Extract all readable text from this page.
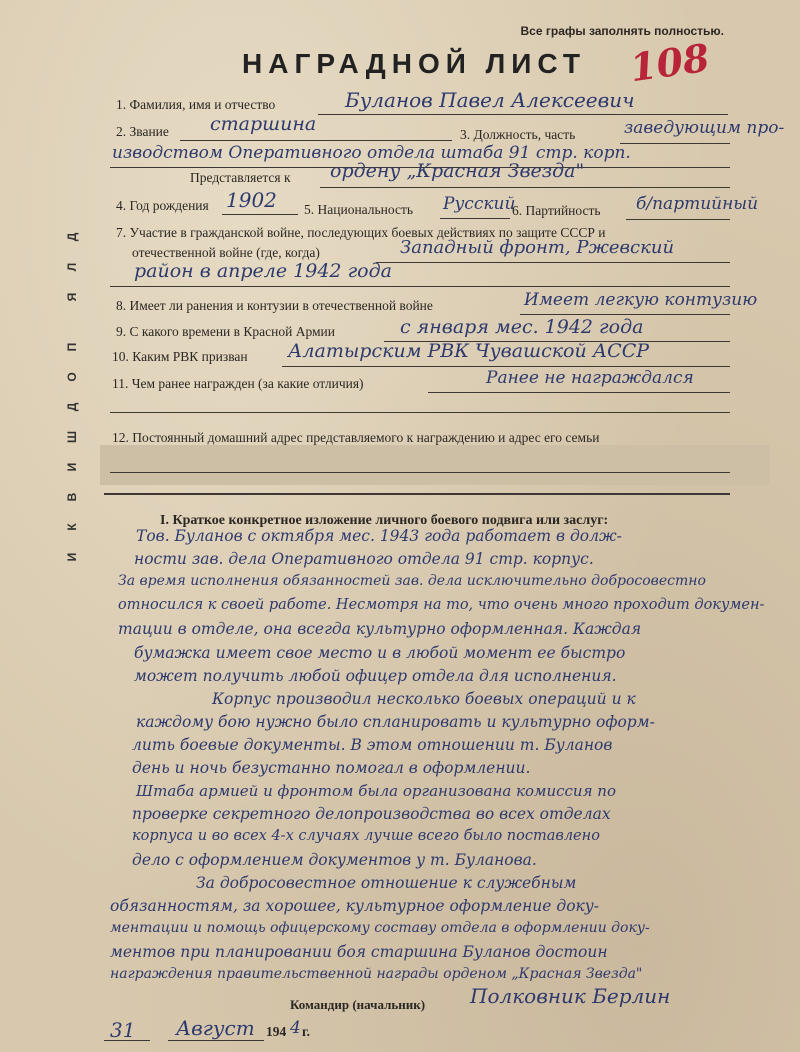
Все графы заполнять полностью.
НАГРАДНОЙ ЛИСТ 108
Д
Л
Я
П
О
Д
Ш
И
В
К
И
1. Фамилия, имя и отчество	Буланов Павел Алексеевич
2. Звание старшина	3. Должность, часть	заведующим про-
изводством Оперативного отдела штаба 91 стр. корп.
Представляется к ордену „Красная Звезда"
4. Год рождения 1902 5. Национальность Русский
6. Партийность б/партийный
7. Участие в гражданской войне, последующих боевых действиях по защите СССР и
отечественной войне (где, когда)	Западный фронт, Ржевский
район в апреле 1942 года
8. Имеет ли ранения и контузии в отечественной войне	Имеет легкую контузию
9. С какого времени в Красной Армии	с января мес. 1942 года
10. Каким РВК призван Алатырским РВК Чувашской АССР
11. Чем ранее награжден (за какие отличия)	Ранее не награждался
12. Постоянный домашний адрес представляемого к награждению и адрес его семьи
I. Краткое конкретное изложение личного боевого подвига или заслуг:
Тов. Буланов с октября мес. 1943 года работает в долж-
ности зав. дела Оперативного отдела 91 стр. корпус.
За время исполнения обязанностей зав. дела исключительно добросовестно
относился к своей работе. Несмотря на то, что очень много проходит докумен-
тации в отделе, она всегда культурно оформленная. Каждая
бумажка имеет свое место и в любой момент ее быстро
может получить любой офицер отдела для исполнения.
Корпус производил несколько боевых операций и к
каждому бою нужно было спланировать и культурно оформ-
лить боевые документы. В этом отношении т. Буланов
день и ночь безустанно помогал в оформлении.
Штаба армией и фронтом была организована комиссия по
проверке секретного делопроизводства во всех отделах
корпуса и во всех 4-х случаях лучше всего было поставлено
дело с оформлением документов у т. Буланова.
За добросовестное отношение к служебным
обязанностям, за хорошее, культурное оформление доку-
ментации и помощь офицерскому составу отдела в оформлении доку-
ментов при планировании боя старшина Буланов достоин
награждения правительственной награды орденом „Красная Звезда"
Командир (начальник) Полковник Берлин
31 Август 194 4 г.
